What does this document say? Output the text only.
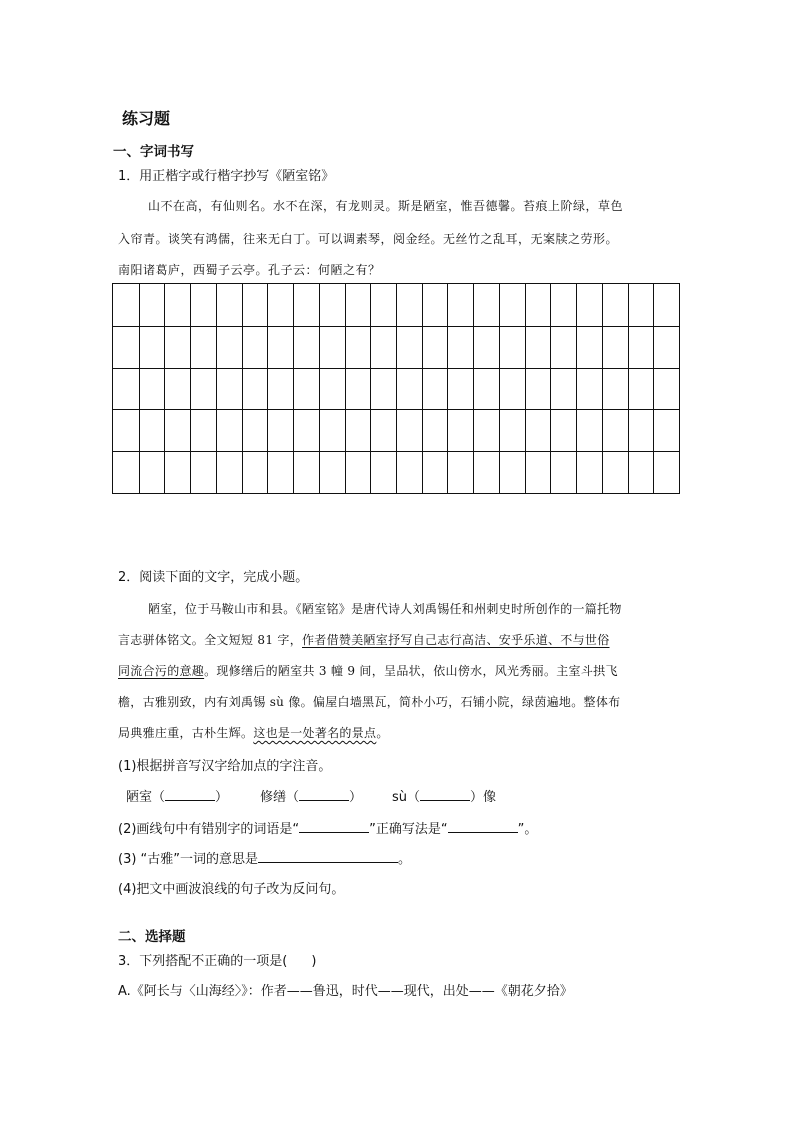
练习题
一、字词书写
1．用正楷字或行楷字抄写《陋室铭》
山不在高，有仙则名。水不在深，有龙则灵。斯是陋室，惟吾德馨。苔痕上阶绿，草色
入帘青。谈笑有鸿儒，往来无白丁。可以调素琴，阅金经。无丝竹之乱耳，无案牍之劳形。
南阳诸葛庐，西蜀子云亭。孔子云：何陋之有？
2．阅读下面的文字，完成小题。
陋室，位于马鞍山市和县。《陋室铭》是唐代诗人刘禹锡任和州刺史时所创作的一篇托物
言志骈体铭文。全文短短 81 字，作者借赞美陋室抒写自己志行高洁、安乎乐道、不与世俗
同流合污的意趣。现修缮后的陋室共 3 幢 9 间，呈品状，依山傍水，风光秀丽。主室斗拱飞
檐，古雅别致，内有刘禹锡 sù 像。偏屋白墙黑瓦，简朴小巧，石铺小院，绿茵遍地。整体布
局典雅庄重，古朴生辉。这也是一处著名的景点。
(1)根据拼音写汉字给加点的字注音。
陋室（	） 修缮（	） sù（	）像
(2)画线句中有错别字的词语是“	”正确写法是“	”。
(3) “古雅”一词的意思是	。
(4)把文中画波浪线的句子改为反问句。
二、选择题
3．下列搭配不正确的一项是( )
A.《阿长与〈山海经〉》：作者——鲁迅，时代——现代，出处——《朝花夕拾》
